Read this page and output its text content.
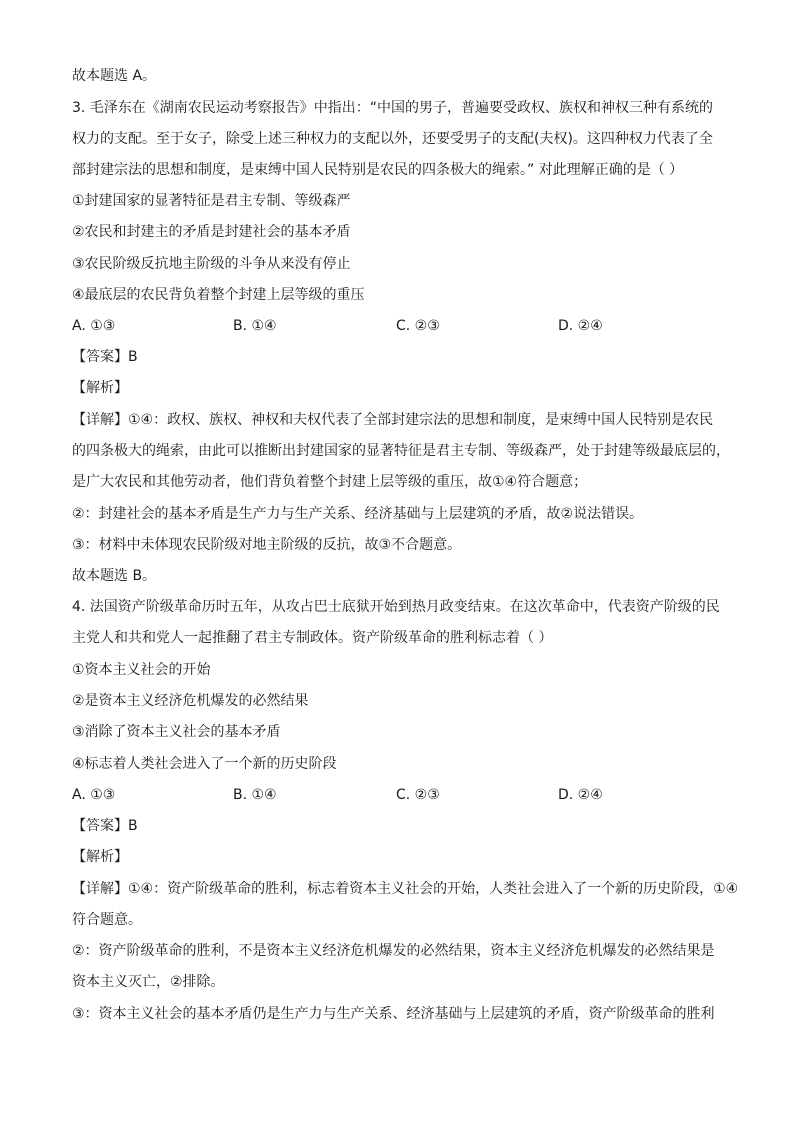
故本题选 A。
3. 毛泽东在《湖南农民运动考察报告》中指出：“中国的男子，普遍要受政权、族权和神权三种有系统的
权力的支配。至于女子，除受上述三种权力的支配以外，还要受男子的支配(夫权)。这四种权力代表了全
部封建宗法的思想和制度，是束缚中国人民特别是农民的四条极大的绳索。” 对此理解正确的是（ ）
①封建国家的显著特征是君主专制、等级森严
②农民和封建主的矛盾是封建社会的基本矛盾
③农民阶级反抗地主阶级的斗争从来没有停止
④最底层的农民背负着整个封建上层等级的重压
A. ①③	B. ①④	C. ②③	D. ②④
【答案】B
【解析】
【详解】①④：政权、族权、神权和夫权代表了全部封建宗法的思想和制度，是束缚中国人民特别是农民
的四条极大的绳索，由此可以推断出封建国家的显著特征是君主专制、等级森严，处于封建等级最底层的，
是广大农民和其他劳动者，他们背负着整个封建上层等级的重压，故①④符合题意；
②：封建社会的基本矛盾是生产力与生产关系、经济基础与上层建筑的矛盾，故②说法错误。
③：材料中未体现农民阶级对地主阶级的反抗，故③不合题意。
故本题选 B。
4. 法国资产阶级革命历时五年，从攻占巴士底狱开始到热月政变结束。在这次革命中，代表资产阶级的民
主党人和共和党人一起推翻了君主专制政体。资产阶级革命的胜利标志着（ ）
①资本主义社会的开始
②是资本主义经济危机爆发的必然结果
③消除了资本主义社会的基本矛盾
④标志着人类社会进入了一个新的历史阶段
A. ①③	B. ①④	C. ②③	D. ②④
【答案】B
【解析】
【详解】①④：资产阶级革命的胜利，标志着资本主义社会的开始，人类社会进入了一个新的历史阶段，①④
符合题意。
②：资产阶级革命的胜利，不是资本主义经济危机爆发的必然结果，资本主义经济危机爆发的必然结果是
资本主义灭亡，②排除。
③：资本主义社会的基本矛盾仍是生产力与生产关系、经济基础与上层建筑的矛盾，资产阶级革命的胜利
